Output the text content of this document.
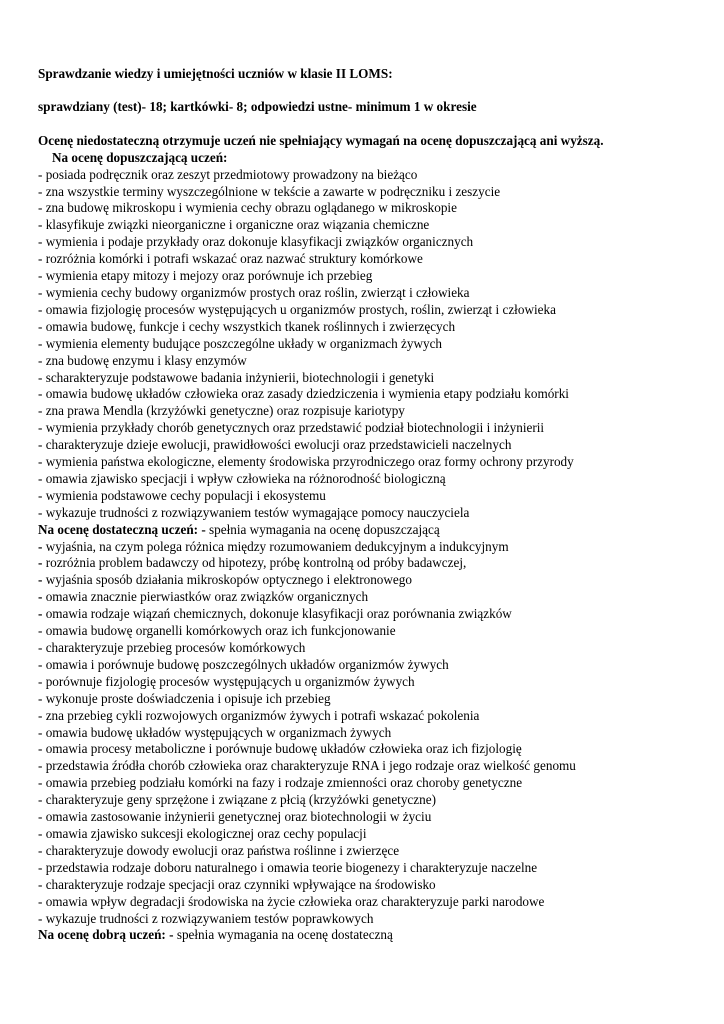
Sprawdzanie wiedzy i umiejętności uczniów w klasie II LOMS:

sprawdziany (test)- 18; kartkówki- 8; odpowiedzi ustne- minimum 1 w okresie

Ocenę niedostateczną otrzymuje uczeń nie spełniający wymagań na ocenę dopuszczającą ani wyższą.

Na ocenę dopuszczającą uczeń:

- posiada podręcznik oraz zeszyt przedmiotowy prowadzony na bieżąco

- zna wszystkie terminy wyszczególnione w tekście a zawarte w podręczniku i zeszycie

- zna budowę mikroskopu i wymienia cechy obrazu oglądanego w mikroskopie

- klasyfikuje związki nieorganiczne i organiczne oraz wiązania chemiczne

- wymienia i podaje przykłady oraz dokonuje klasyfikacji związków organicznych

- rozróżnia komórki i potrafi wskazać oraz nazwać struktury komórkowe

- wymienia etapy mitozy i mejozy oraz porównuje ich przebieg

- wymienia cechy budowy organizmów prostych oraz roślin, zwierząt i człowieka

- omawia fizjologię procesów występujących u organizmów prostych, roślin, zwierząt i człowieka

- omawia budowę, funkcje i cechy wszystkich tkanek roślinnych i zwierzęcych

- wymienia elementy budujące poszczególne układy w organizmach żywych

- zna budowę enzymu i klasy enzymów

- scharakteryzuje podstawowe badania inżynierii, biotechnologii i genetyki

- omawia budowę układów człowieka oraz zasady dziedziczenia i wymienia etapy podziału komórki

- zna prawa Mendla (krzyżówki genetyczne) oraz rozpisuje kariotypy

- wymienia przykłady chorób genetycznych oraz przedstawić podział biotechnologii i inżynierii

- charakteryzuje dzieje ewolucji, prawidłowości ewolucji oraz przedstawicieli naczelnych

- wymienia państwa ekologiczne, elementy środowiska przyrodniczego oraz formy ochrony przyrody

- omawia zjawisko specjacji i wpływ człowieka na różnorodność biologiczną

- wymienia podstawowe cechy populacji i ekosystemu

- wykazuje trudności z rozwiązywaniem testów wymagające pomocy nauczyciela

Na ocenę dostateczną uczeń: - spełnia wymagania na ocenę dopuszczającą

- wyjaśnia, na czym polega różnica między rozumowaniem dedukcyjnym a indukcyjnym

- rozróżnia problem badawczy od hipotezy, próbę kontrolną od próby badawczej,

- wyjaśnia sposób działania mikroskopów optycznego i elektronowego

- omawia znacznie pierwiastków oraz związków organicznych

- omawia rodzaje wiązań chemicznych, dokonuje klasyfikacji oraz porównania związków

- omawia budowę organelli komórkowych oraz ich funkcjonowanie

- charakteryzuje przebieg procesów komórkowych

- omawia i porównuje budowę poszczególnych układów organizmów żywych

- porównuje fizjologię procesów występujących u organizmów żywych

- wykonuje proste doświadczenia i opisuje ich przebieg

- zna przebieg cykli rozwojowych organizmów żywych i potrafi wskazać pokolenia

- omawia budowę układów występujących w organizmach żywych

- omawia procesy metaboliczne i porównuje budowę układów człowieka oraz ich fizjologię

- przedstawia źródła chorób człowieka oraz charakteryzuje RNA i jego rodzaje oraz wielkość genomu

- omawia przebieg podziału komórki na fazy i rodzaje zmienności oraz choroby genetyczne

- charakteryzuje geny sprzężone i związane z płcią (krzyżówki genetyczne)

- omawia zastosowanie inżynierii genetycznej oraz biotechnologii w życiu

- omawia zjawisko sukcesji ekologicznej oraz cechy populacji

- charakteryzuje dowody ewolucji oraz państwa roślinne i zwierzęce

- przedstawia rodzaje doboru naturalnego i omawia teorie biogenezy i charakteryzuje naczelne

- charakteryzuje rodzaje specjacji oraz czynniki wpływające na środowisko

- omawia wpływ degradacji środowiska na życie człowieka oraz charakteryzuje parki narodowe

- wykazuje trudności z rozwiązywaniem testów poprawkowych

Na ocenę dobrą uczeń: - spełnia wymagania na ocenę dostateczną
